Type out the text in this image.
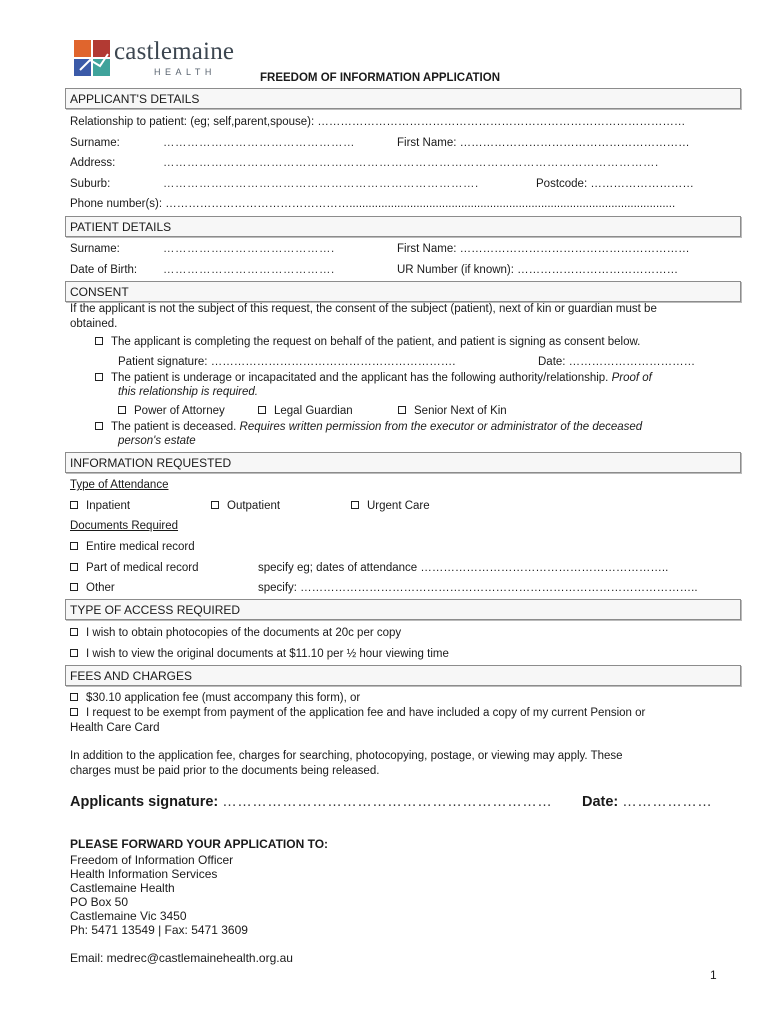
castlemaine
HEALTH	FREEDOM OF INFORMATION APPLICATION
APPLICANT'S DETAILS
Relationship to patient: (eg; self,parent,spouse): ……………………………………………………………………………………
Surname:	…………………………………………	First Name: ……………………………………………………
Address:	…………………………………………………………………………………………………………….
Suburb:	…………………………………………………………………….	Postcode: ………………………
Phone number(s): …………………………………………......................................................................................................
PATIENT DETAILS
Surname:	…………………………………….	First Name: ……………………………………………………
Date of Birth: …………………………………….	UR Number (if known): ……………………………………
CONSENT
If the applicant is not the subject of this request, the consent of the subject (patient), next of kin or guardian must be
obtained.
The applicant is completing the request on behalf of the patient, and patient is signing as consent below.
Patient signature: ……………………………………………………….	Date: ……………………………
The patient is underage or incapacitated and the applicant has the following authority/relationship. Proof of
this relationship is required.
Power of Attorney	Legal Guardian	Senior Next of Kin
The patient is deceased. Requires written permission from the executor or administrator of the deceased
person's estate
INFORMATION REQUESTED
Type of Attendance
Inpatient	Outpatient	Urgent Care
Documents Required
Entire medical record
Part of medical record	specify eg; dates of attendance ………………………………………………………..
Other	specify: …………………………………………………………………………………………..
TYPE OF ACCESS REQUIRED
I wish to obtain photocopies of the documents at 20c per copy
I wish to view the original documents at $11.10 per ½ hour viewing time
FEES AND CHARGES
$30.10 application fee (must accompany this form), or
I request to be exempt from payment of the application fee and have included a copy of my current Pension or
Health Care Card
In addition to the application fee, charges for searching, photocopying, postage, or viewing may apply. These
charges must be paid prior to the documents being released.
Applicants signature: ………………………………………………………… Date: ………………
PLEASE FORWARD YOUR APPLICATION TO:
Freedom of Information Officer
Health Information Services
Castlemaine Health
PO Box 50
Castlemaine Vic 3450
Ph: 5471 13549 | Fax: 5471 3609
Email: medrec@castlemainehealth.org.au
1
